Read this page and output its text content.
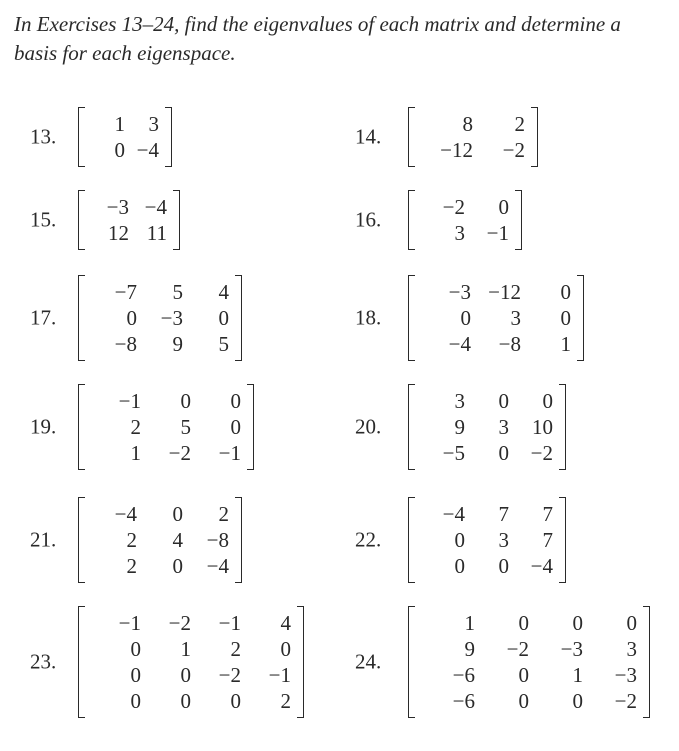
In Exercises 13–24, find the eigenvalues of each matrix and determine a basis for each eigenspace.
13.
1 3
0 −4
14.
8 2
−12 −2
15.
−3 −4
12 11
16.
−2 0
3 −1
17.
−7 5 4
0 −3 0
−8 9 5
18.
−3 −12 0
0 3 0
−4 −8 1
19.
−1 0 0
2 5 0
1 −2 −1
20.
3 0 0
9 3 10
−5 0 −2
21.
−4 0 2
2 4 −8
2 0 −4
22.
−4 7 7
0 3 7
0 0 −4
23.
−1 −2 −1 4
0 1 2 0
0 0 −2 −1
0 0 0 2
24.
1 0 0 0
9 −2 −3 3
−6 0 1 −3
−6 0 0 −2
